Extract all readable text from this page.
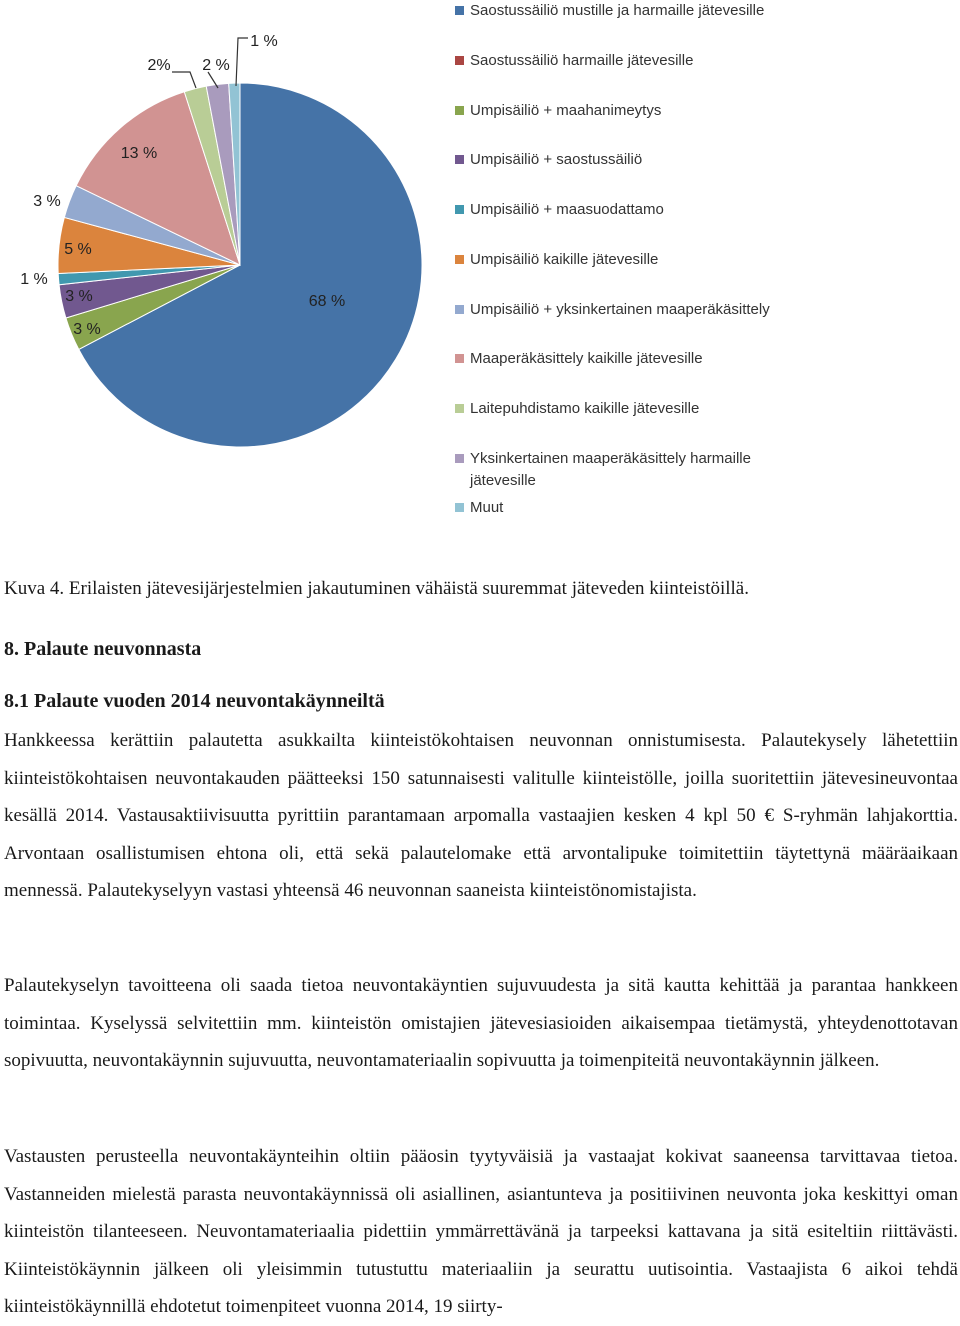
68 %
3 %
3 %
1 %
5 %
3 %
13 %
2% 2 %
1 %
Saostussäiliö mustille ja harmaille jätevesille
Saostussäiliö harmaille jätevesille
Umpisäiliö + maahanimeytys
Umpisäiliö + saostussäiliö
Umpisäiliö + maasuodattamo
Umpisäiliö kaikille jätevesille
Umpisäiliö + yksinkertainen maaperäkäsittely
Maaperäkäsittely kaikille jätevesille
Laitepuhdistamo kaikille jätevesille
Yksinkertainen maaperäkäsittely harmaille jätevesille
Muut
Kuva 4. Erilaisten jätevesijärjestelmien jakautuminen vähäistä suuremmat jäteveden kiinteistöillä.
8. Palaute neuvonnasta
8.1 Palaute vuoden 2014 neuvontakäynneiltä

Hankkeessa kerättiin palautetta asukkailta kiinteistökohtaisen neuvonnan onnistumisesta. Palautekysely lähetettiin kiinteistökohtaisen neuvontakauden päätteeksi 150 satunnaisesti valitulle kiinteistölle, joilla suoritettiin jätevesineuvontaa kesällä 2014. Vastausaktiivisuutta pyrittiin parantamaan arpomalla vastaajien kesken 4 kpl 50 € S-ryhmän lahjakorttia. Arvontaan osallistumisen ehtona oli, että sekä palautelomake että arvontalipuke toimitettiin täytettynä määräaikaan mennessä. Palautekyselyyn vastasi yhteensä 46 neuvonnan saaneista kiinteistönomistajista.

Palautekyselyn tavoitteena oli saada tietoa neuvontakäyntien sujuvuudesta ja sitä kautta kehittää ja parantaa hankkeen toimintaa. Kyselyssä selvitettiin mm. kiinteistön omistajien jätevesiasioiden aikaisempaa tietämystä, yhteydenottotavan sopivuutta, neuvontakäynnin sujuvuutta, neuvontamateriaalin sopivuutta ja toimenpiteitä neuvontakäynnin jälkeen.

Vastausten perusteella neuvontakäynteihin oltiin pääosin tyytyväisiä ja vastaajat kokivat saaneensa tarvittavaa tietoa. Vastanneiden mielestä parasta neuvontakäynnissä oli asiallinen, asiantunteva ja positiivinen neuvonta joka keskittyi oman kiinteistön tilanteeseen. Neuvontamateriaalia pidettiin ymmärrettävänä ja tarpeeksi kattavana ja sitä esiteltiin riittävästi. Kiinteistökäynnin jälkeen oli yleisimmin tutustuttu materiaaliin ja seurattu uutisointia. Vastaajista 6 aikoi tehdä kiinteistökäynnillä ehdotetut toimenpiteet vuonna 2014, 19 siirty-
